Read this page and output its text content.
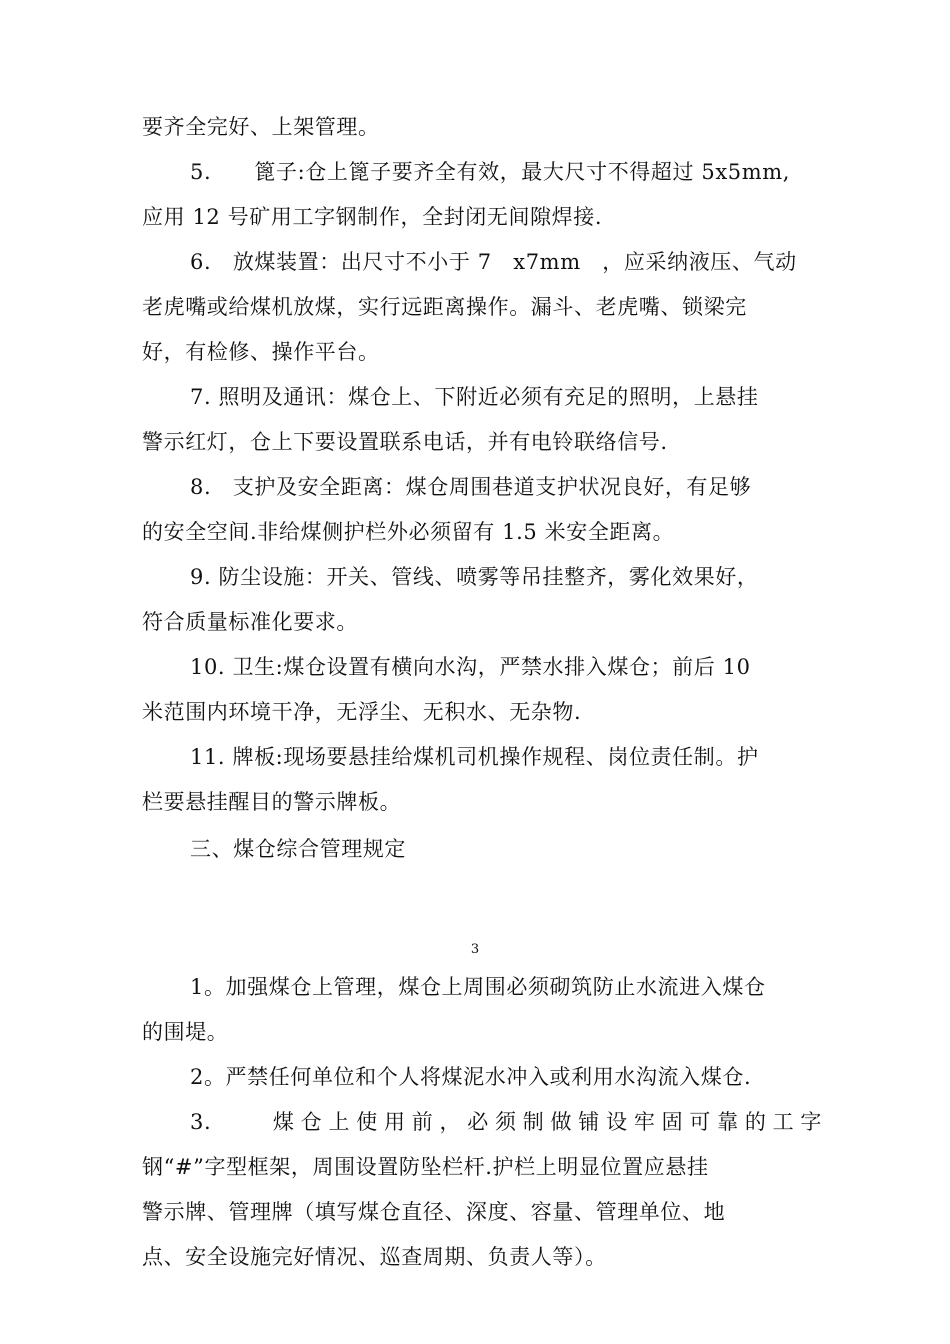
要齐全完好、上架管理。
5.　　篦子:仓上篦子要齐全有效，最大尺寸不得超过 5x5mm,
应用 12 号矿用工字钢制作，全封闭无间隙焊接.
6.　放煤装置：出尺寸不小于 7　x7mm　，应采纳液压、气动
老虎嘴或给煤机放煤，实行远距离操作。漏斗、老虎嘴、锁梁完
好，有检修、操作平台。
7. 照明及通讯：煤仓上、下附近必须有充足的照明，上悬挂
警示红灯，仓上下要设置联系电话，并有电铃联络信号.
8.　支护及安全距离：煤仓周围巷道支护状况良好，有足够
的安全空间.非给煤侧护栏外必须留有 1.5 米安全距离。
9. 防尘设施：开关、管线、喷雾等吊挂整齐，雾化效果好，
符合质量标准化要求。
10. 卫生:煤仓设置有横向水沟，严禁水排入煤仓；前后 10
米范围内环境干净，无浮尘、无积水、无杂物.
11. 牌板:现场要悬挂给煤机司机操作规程、岗位责任制。护
栏要悬挂醒目的警示牌板。
三、煤仓综合管理规定
3
1。加强煤仓上管理，煤仓上周围必须砌筑防止水流进入煤仓
的围堤。
2。严禁任何单位和个人将煤泥水冲入或利用水沟流入煤仓.
3.　　煤仓上使用前，必须制做铺设牢固可靠的工字
钢“#”字型框架，周围设置防坠栏杆.护栏上明显位置应悬挂
警示牌、管理牌（填写煤仓直径、深度、容量、管理单位、地
点、安全设施完好情况、巡查周期、负责人等）。
